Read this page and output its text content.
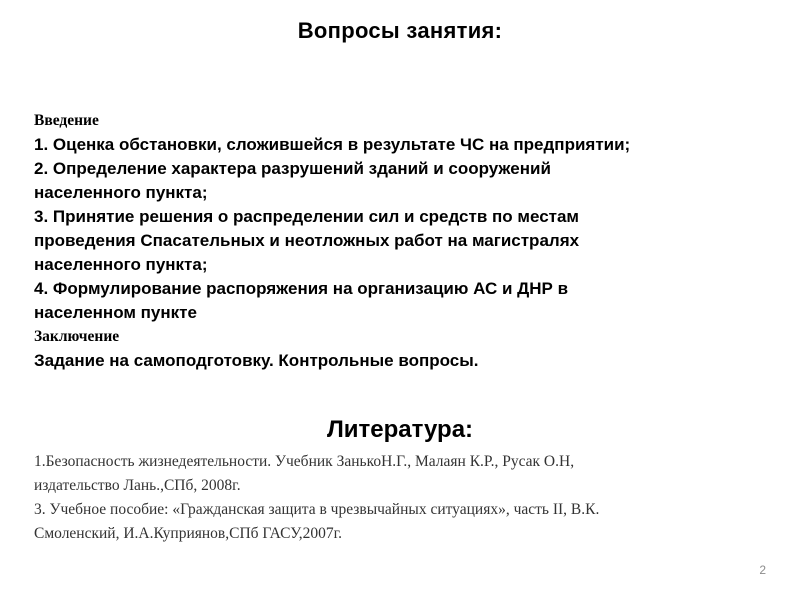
Вопросы занятия:
Введение
1. Оценка обстановки, сложившейся в результате ЧС на предприятии;
2. Определение характера разрушений зданий и сооружений
населенного пункта;
3. Принятие решения о распределении сил и средств по местам
проведения Спасательных и неотложных работ на магистралях
населенного пункта;
4. Формулирование распоряжения на организацию АС и ДНР в
населенном пункте
Заключение
Задание на самоподготовку. Контрольные вопросы.
Литература:
1.Безопасность жизнедеятельности. Учебник ЗанькоН.Г., Малаян К.Р., Русак О.Н,
издательство Лань.,СПб, 2008г.
3. Учебное пособие: «Гражданская защита в чрезвычайных ситуациях», часть II, В.К.
Смоленский, И.А.Куприянов,СПб ГАСУ,2007г.
2
